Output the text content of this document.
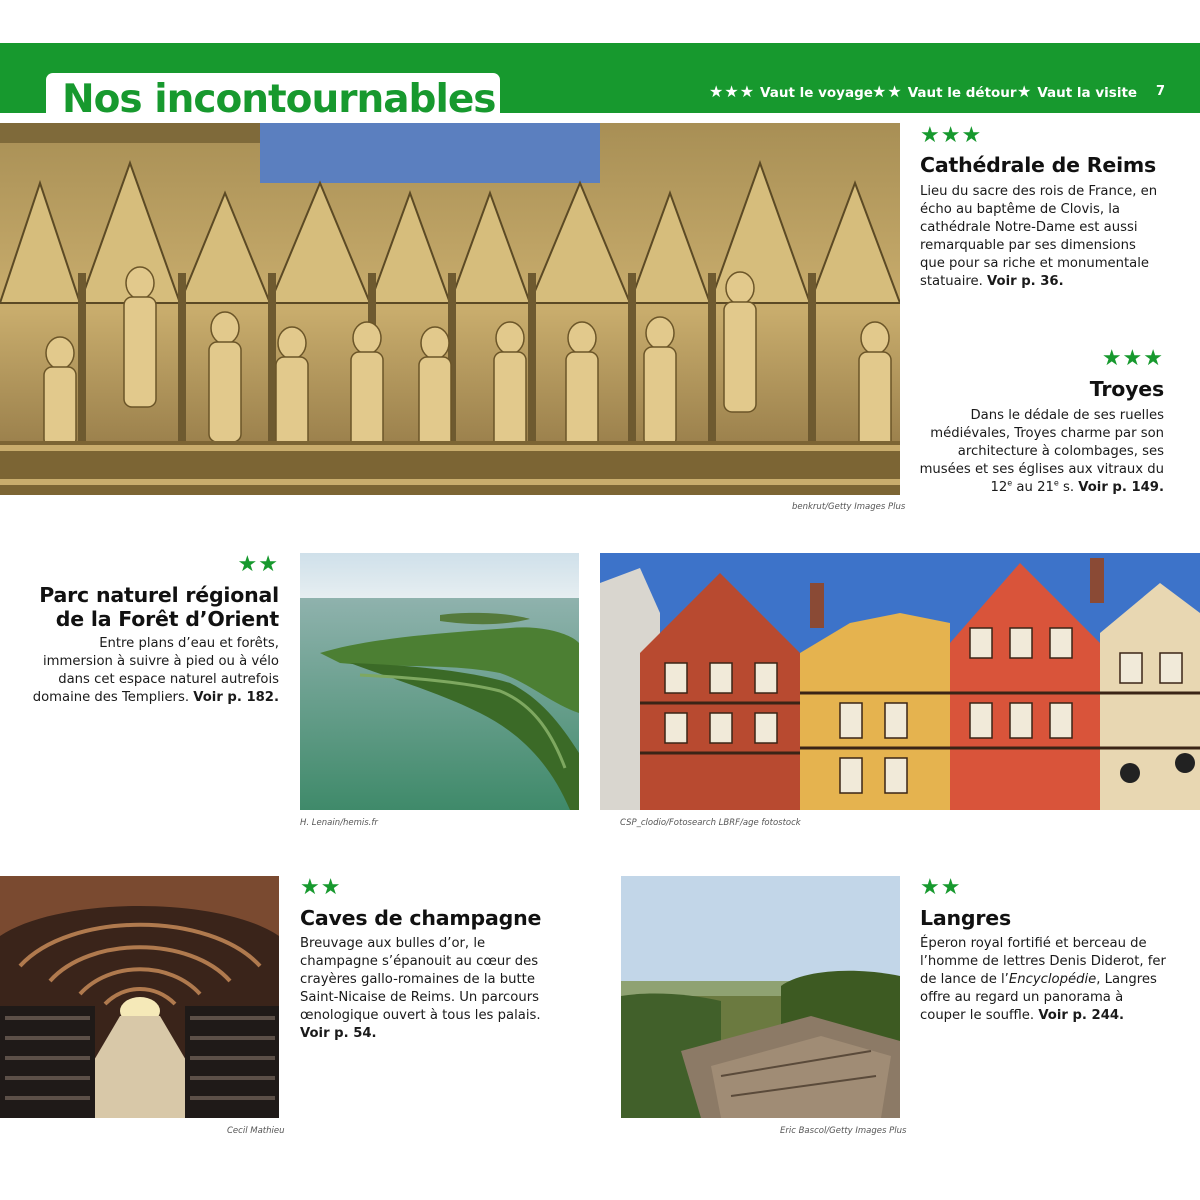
Nos incontournables	★★★ Vaut le voyage ★★ Vaut le détour ★ Vaut la visite 7
benkrut/Getty Images Plus
★★★
Cathédrale de Reims
Lieu du sacre des rois de France, en écho au baptême de Clovis, la cathédrale Notre-Dame est aussi remarquable par ses dimensions que pour sa riche et monumentale statuaire. Voir p. 36.
★★★
Troyes
Dans le dédale de ses ruelles médiévales, Troyes charme par son architecture à colombages, ses musées et ses églises aux vitraux du 12e au 21e s. Voir p. 149.
★★
Parc naturel régional
de la Forêt d’Orient
Entre plans d’eau et forêts, immersion à suivre à pied ou à vélo dans cet espace naturel autrefois domaine des Templiers. Voir p. 182.
H. Lenain/hemis.fr	CSP_clodio/Fotosearch LBRF/age fotostock
Cecil Mathieu
★★
Caves de champagne
Breuvage aux bulles d’or, le champagne s’épanouit au cœur des crayères gallo-romaines de la butte Saint-Nicaise de Reims. Un parcours œnologique ouvert à tous les palais. Voir p. 54.
Eric Bascol/Getty Images Plus
★★
Langres
Éperon royal fortifié et berceau de l’homme de lettres Denis Diderot, fer de lance de l’Encyclopédie, Langres offre au regard un panorama à couper le souffle. Voir p. 244.
